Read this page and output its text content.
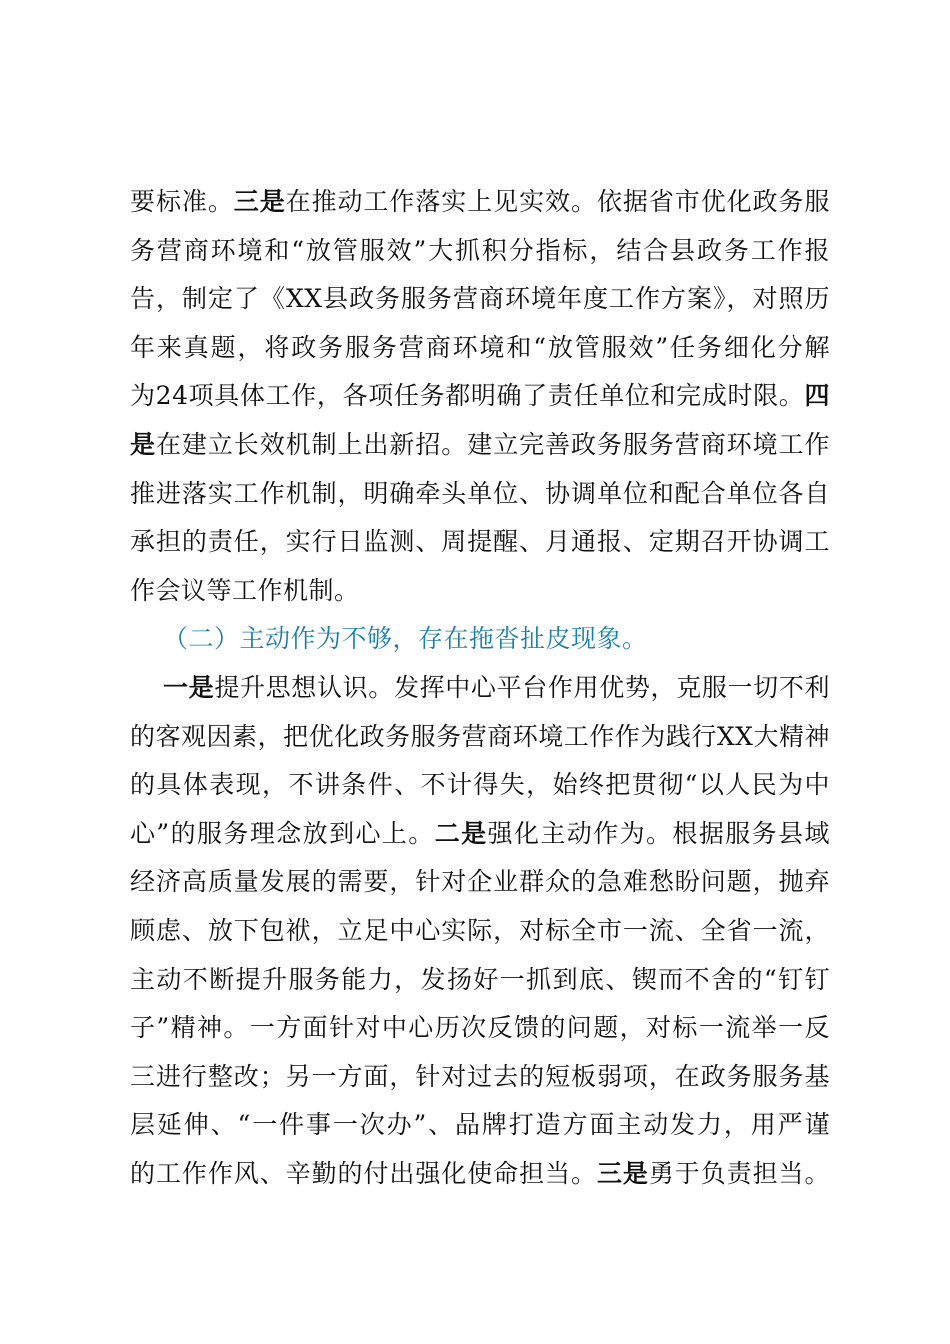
要标准。三是在推动工作落实上见实效。依据省市优化政务服
务营商环境和“放管服效”大抓积分指标，结合县政务工作报
告，制定了《XX县政务服务营商环境年度工作方案》，对照历
年来真题，将政务服务营商环境和“放管服效”任务细化分解
为24项具体工作，各项任务都明确了责任单位和完成时限。四
是在建立长效机制上出新招。建立完善政务服务营商环境工作
推进落实工作机制，明确牵头单位、协调单位和配合单位各自
承担的责任，实行日监测、周提醒、月通报、定期召开协调工
作会议等工作机制。
（二）主动作为不够，存在拖沓扯皮现象。
一是提升思想认识。发挥中心平台作用优势，克服一切不利
的客观因素，把优化政务服务营商环境工作作为践行XX大精神
的具体表现，不讲条件、不计得失，始终把贯彻“以人民为中
心”的服务理念放到心上。二是强化主动作为。根据服务县域
经济高质量发展的需要，针对企业群众的急难愁盼问题，抛弃
顾虑、放下包袱，立足中心实际，对标全市一流、全省一流，
主动不断提升服务能力，发扬好一抓到底、锲而不舍的“钉钉
子”精神。一方面针对中心历次反馈的问题，对标一流举一反
三进行整改；另一方面，针对过去的短板弱项，在政务服务基
层延伸、“一件事一次办”、品牌打造方面主动发力，用严谨
的工作作风、辛勤的付出强化使命担当。三是勇于负责担当。
